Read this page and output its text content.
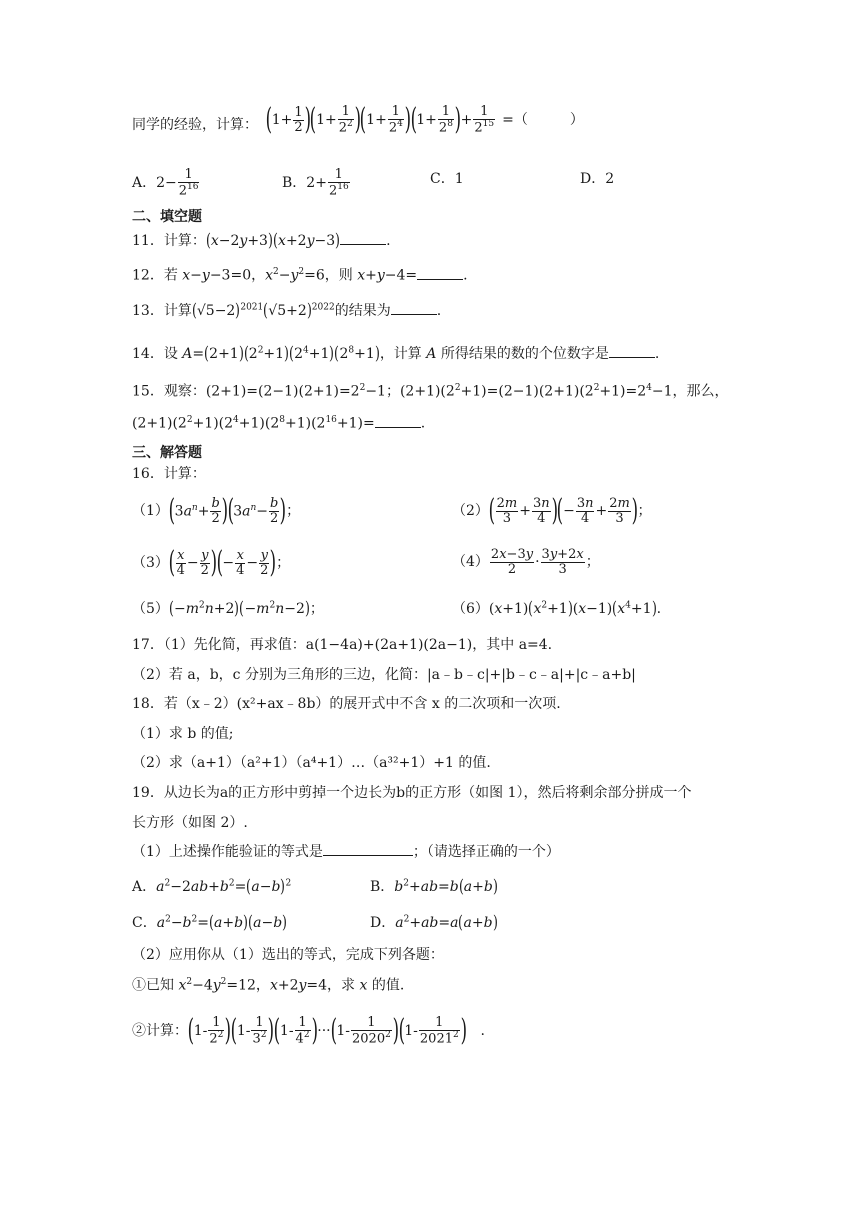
同学的经验，计算： $(1+ \frac{1}{2} )(1+ \frac{1}{2^2} )(1+ \frac{1}{2^4} )(1+ \frac{1}{2^8}$ )+ $\frac{1}{2^{15}}$ =（　　　）
A．$2- \frac{1}{2^{16}}$	B．$2+ \frac{1}{2^{16}}$	C．1	D．2
二、填空题
11．计算：(x−2y+3)(x+2y−3)	.
12．若 x−y−3=0，$x^2-y^2=6$，则 x+y−4=	.
13．计算$(√5-2)^{2021}(√5+2)^{2022}$的结果为	.
14．设 $A=(2+1)(2^2+1)(2^4+1)(2^8+1)$，计算 A 所得结果的数的个位数字是	.
15．观察：$(2+1)=(2-1)(2+1)=2^2-1$；$(2+1)(2^2+1)=(2-1)(2+1)(2^2+1)=2^4-1$，那么，
$(2+1)(2^2+1)(2^4+1)(2^8+1)(2^{16}+1)=$	.
三、解答题
16．计算：
$(1)(3a^n+ \frac{b}{2} )(3a^n- \frac{b}{2}$ )；	$(2)( \frac{2m}{3} + \frac{3n}{4}$ )(− $\frac{3n}{4} + \frac{2m}{3}$ )；
$(3)( \frac{x}{4} - \frac{y}{2}$ )(− $\frac{x}{4} - \frac{y}{2}$ )；	$(4) \frac{2x-3y}{2} \cdot \frac{3y+2x}{3}$ ；
$(5)(-m^2n+2)(-m^2n-2)$；	$(6)(x+1)(x^2+1)(x-1)(x^4+1)$.
17．（1）先化简，再求值：a(1−4a)+(2a+1)(2a−1)，其中 a=4.
（2）若 a，b，c 分别为三角形的三边，化简：|a﹣b﹣c|+|b﹣c﹣a|+|c﹣a+b|
18．若（x﹣2）(x²+ax﹣8b）的展开式中不含 x 的二次项和一次项.
（1）求 b 的值;
（2）求（a+1）（a²+1）（a⁴+1）…（a³²+1）+1 的值.
19．从边长为a的正方形中剪掉一个边长为b的正方形（如图 1），然后将剩余部分拼成一个
长方形（如图 2）.
（1）上述操作能验证的等式是	；（请选择正确的一个）
A．$a^2-2ab+b^2=(a-b)^2$	B．$b^2+ab=b(a+b)$
C．$a^2-b^2=(a+b)(a-b)$	D．$a^2+ab=a(a+b)$
（2）应用你从（1）选出的等式，完成下列各题：
①已知 $x^2-4y^2=12$，x+2y=4，求 x 的值.
②计算：$(1- \frac{1}{2^2} )(1- \frac{1}{3^2} )(1- \frac{1}{4^2} )\cdot\cdot\cdot(1- \frac{1}{2020^2} )(1- \frac{1}{2021^2}$ )　.
